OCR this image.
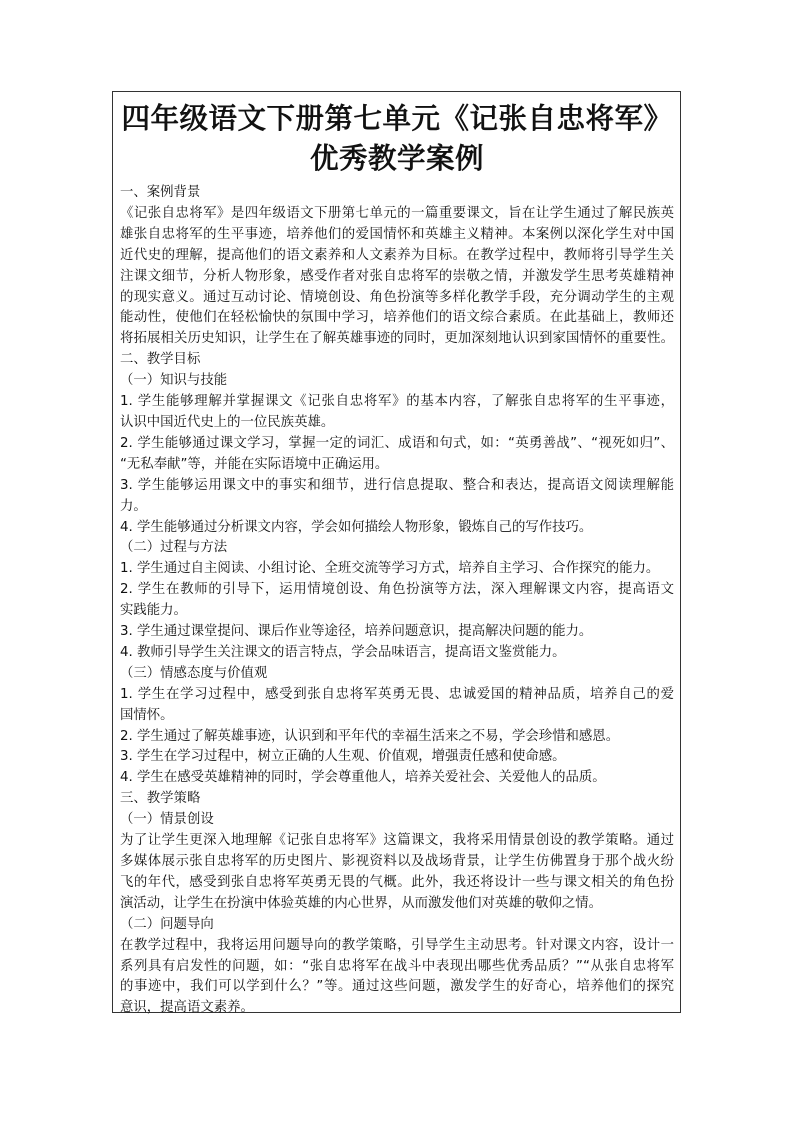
四年级语文下册第七单元《记张自忠将军》
优秀教学案例
一、案例背景
《记张自忠将军》是四年级语文下册第七单元的一篇重要课文，旨在让学生通过了解民族英
雄张自忠将军的生平事迹，培养他们的爱国情怀和英雄主义精神。本案例以深化学生对中国
近代史的理解，提高他们的语文素养和人文素养为目标。在教学过程中，教师将引导学生关
注课文细节，分析人物形象，感受作者对张自忠将军的崇敬之情，并激发学生思考英雄精神
的现实意义。通过互动讨论、情境创设、角色扮演等多样化教学手段，充分调动学生的主观
能动性，使他们在轻松愉快的氛围中学习，培养他们的语文综合素质。在此基础上，教师还
将拓展相关历史知识，让学生在了解英雄事迹的同时，更加深刻地认识到家国情怀的重要性。
二、教学目标
（一）知识与技能
1. 学生能够理解并掌握课文《记张自忠将军》的基本内容，了解张自忠将军的生平事迹，
认识中国近代史上的一位民族英雄。
2. 学生能够通过课文学习，掌握一定的词汇、成语和句式，如：“英勇善战”、“视死如归”、
“无私奉献”等，并能在实际语境中正确运用。
3. 学生能够运用课文中的事实和细节，进行信息提取、整合和表达，提高语文阅读理解能
力。
4. 学生能够通过分析课文内容，学会如何描绘人物形象，锻炼自己的写作技巧。
（二）过程与方法
1. 学生通过自主阅读、小组讨论、全班交流等学习方式，培养自主学习、合作探究的能力。
2. 学生在教师的引导下，运用情境创设、角色扮演等方法，深入理解课文内容，提高语文
实践能力。
3. 学生通过课堂提问、课后作业等途径，培养问题意识，提高解决问题的能力。
4. 教师引导学生关注课文的语言特点，学会品味语言，提高语文鉴赏能力。
（三）情感态度与价值观
1. 学生在学习过程中，感受到张自忠将军英勇无畏、忠诚爱国的精神品质，培养自己的爱
国情怀。
2. 学生通过了解英雄事迹，认识到和平年代的幸福生活来之不易，学会珍惜和感恩。
3. 学生在学习过程中，树立正确的人生观、价值观，增强责任感和使命感。
4. 学生在感受英雄精神的同时，学会尊重他人，培养关爱社会、关爱他人的品质。
三、教学策略
（一）情景创设
为了让学生更深入地理解《记张自忠将军》这篇课文，我将采用情景创设的教学策略。通过
多媒体展示张自忠将军的历史图片、影视资料以及战场背景，让学生仿佛置身于那个战火纷
飞的年代，感受到张自忠将军英勇无畏的气概。此外，我还将设计一些与课文相关的角色扮
演活动，让学生在扮演中体验英雄的内心世界，从而激发他们对英雄的敬仰之情。
（二）问题导向
在教学过程中，我将运用问题导向的教学策略，引导学生主动思考。针对课文内容，设计一
系列具有启发性的问题，如：“张自忠将军在战斗中表现出哪些优秀品质？”“从张自忠将军
的事迹中，我们可以学到什么？”等。通过这些问题，激发学生的好奇心，培养他们的探究
意识，提高语文素养。
